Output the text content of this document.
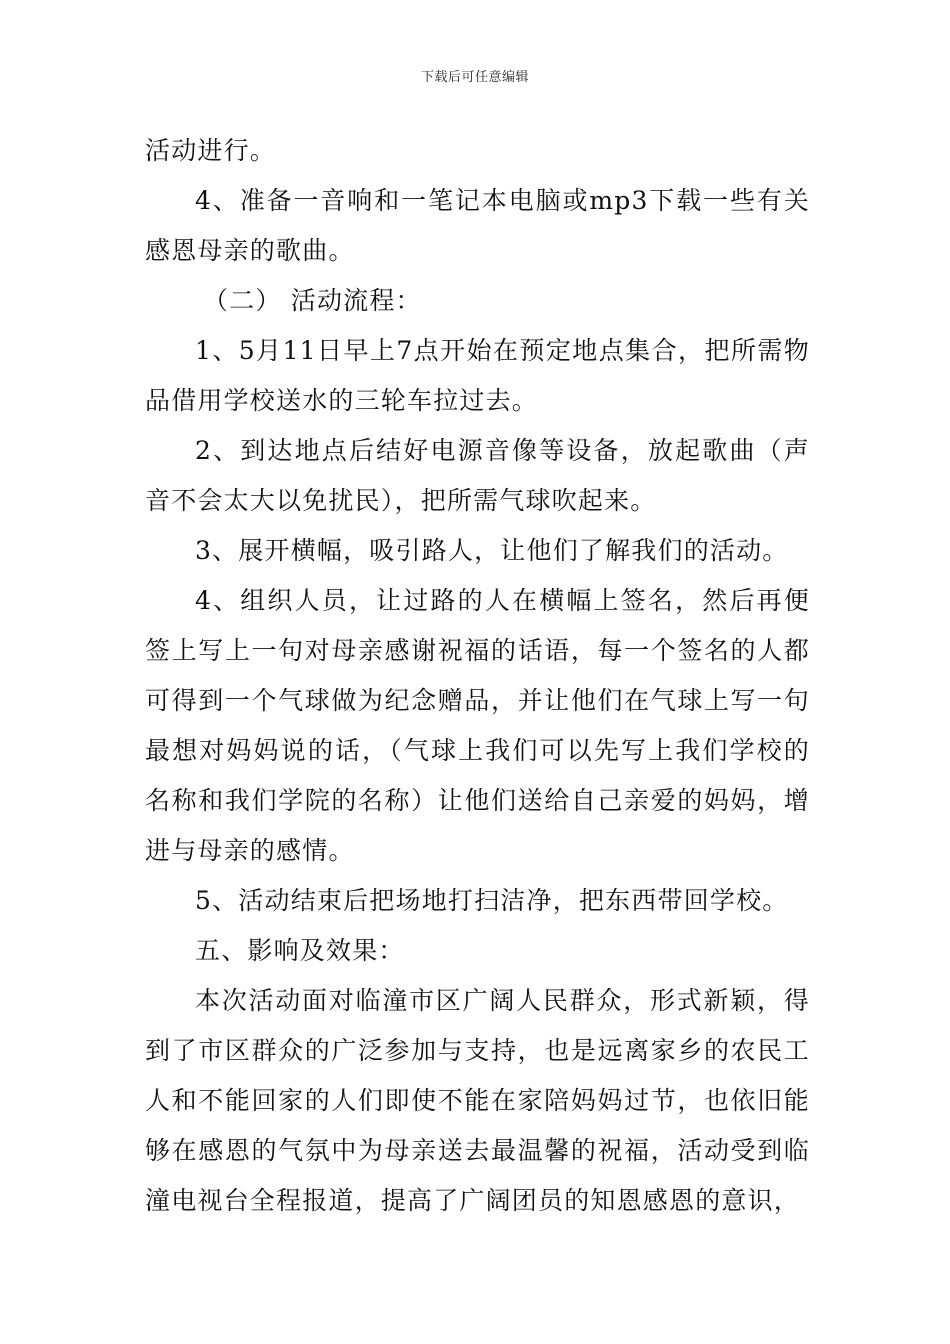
下载后可任意编辑

活动进行。

4、准备一音响和一笔记本电脑或mp3下载一些有关感恩母亲的歌曲。

（二） 活动流程：

1、5月11日早上7点开始在预定地点集合，把所需物品借用学校送水的三轮车拉过去。

2、到达地点后结好电源音像等设备，放起歌曲（声音不会太大以免扰民），把所需气球吹起来。

3、展开横幅，吸引路人，让他们了解我们的活动。

4、组织人员，让过路的人在横幅上签名，然后再便签上写上一句对母亲感谢祝福的话语，每一个签名的人都可得到一个气球做为纪念赠品，并让他们在气球上写一句最想对妈妈说的话，（气球上我们可以先写上我们学校的名称和我们学院的名称）让他们送给自己亲爱的妈妈，增进与母亲的感情。

5、活动结束后把场地打扫洁净，把东西带回学校。

五、影响及效果：

本次活动面对临潼市区广阔人民群众，形式新颖，得到了市区群众的广泛参加与支持，也是远离家乡的农民工人和不能回家的人们即使不能在家陪妈妈过节，也依旧能够在感恩的气氛中为母亲送去最温馨的祝福，活动受到临潼电视台全程报道，提高了广阔团员的知恩感恩的意识，
